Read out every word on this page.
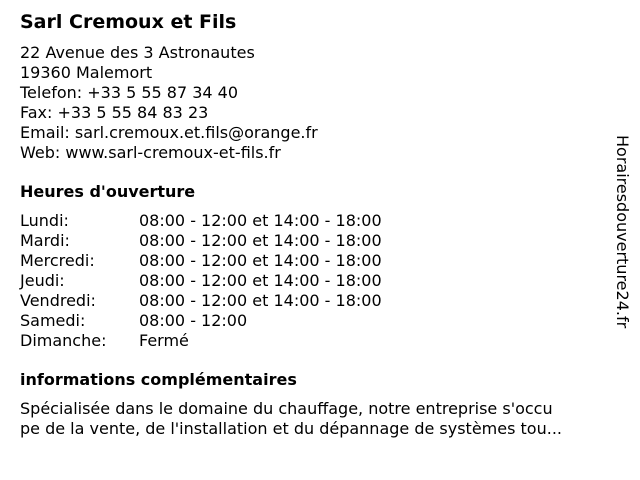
Sarl Cremoux et Fils
22 Avenue des 3 Astronautes
19360 Malemort
Telefon: +33 5 55 87 34 40
Fax: +33 5 55 84 83 23
Email: sarl.cremoux.et.fils@orange.fr
Web: www.sarl-cremoux-et-fils.fr
Heures d'ouverture
Lundi:	08:00 - 12:00 et 14:00 - 18:00
Mardi:	08:00 - 12:00 et 14:00 - 18:00
Mercredi:	08:00 - 12:00 et 14:00 - 18:00
Jeudi:	08:00 - 12:00 et 14:00 - 18:00
Vendredi:	08:00 - 12:00 et 14:00 - 18:00
Samedi:	08:00 - 12:00
Dimanche:	Fermé
informations complémentaires
Spécialisée dans le domaine du chauffage, notre entreprise s'occu
pe de la vente, de l'installation et du dépannage de systèmes tou...
Horairesdouverture24.fr
